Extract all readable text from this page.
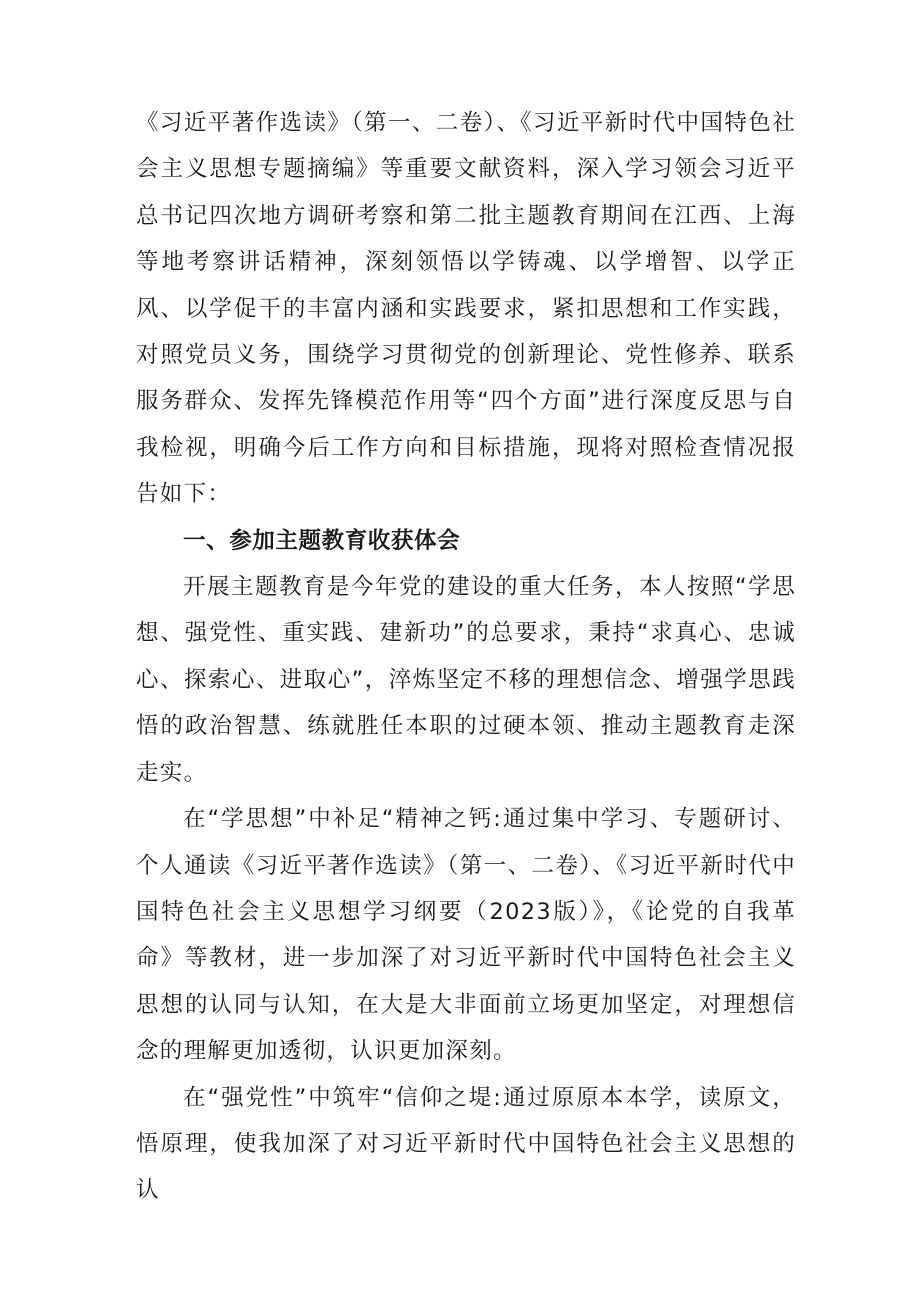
《习近平著作选读》（第一、二卷）、《习近平新时代中国特色社会主义思想专题摘编》等重要文献资料，深入学习领会习近平总书记四次地方调研考察和第二批主题教育期间在江西、上海等地考察讲话精神，深刻领悟以学铸魂、以学增智、以学正风、以学促干的丰富内涵和实践要求，紧扣思想和工作实践，对照党员义务，围绕学习贯彻党的创新理论、党性修养、联系服务群众、发挥先锋模范作用等“四个方面”进行深度反思与自我检视，明确今后工作方向和目标措施，现将对照检查情况报告如下：

一、参加主题教育收获体会

开展主题教育是今年党的建设的重大任务，本人按照“学思想、强党性、重实践、建新功”的总要求，秉持“求真心、忠诚心、探索心、进取心”，淬炼坚定不移的理想信念、增强学思践悟的政治智慧、练就胜任本职的过硬本领、推动主题教育走深走实。

在“学思想”中补足“精神之钙:通过集中学习、专题研讨、个人通读《习近平著作选读》（第一、二卷）、《习近平新时代中国特色社会主义思想学习纲要（2023版）》，《论党的自我革命》等教材，进一步加深了对习近平新时代中国特色社会主义思想的认同与认知，在大是大非面前立场更加坚定，对理想信念的理解更加透彻，认识更加深刻。

在“强党性”中筑牢“信仰之堤:通过原原本本学，读原文，悟原理，使我加深了对习近平新时代中国特色社会主义思想的认
